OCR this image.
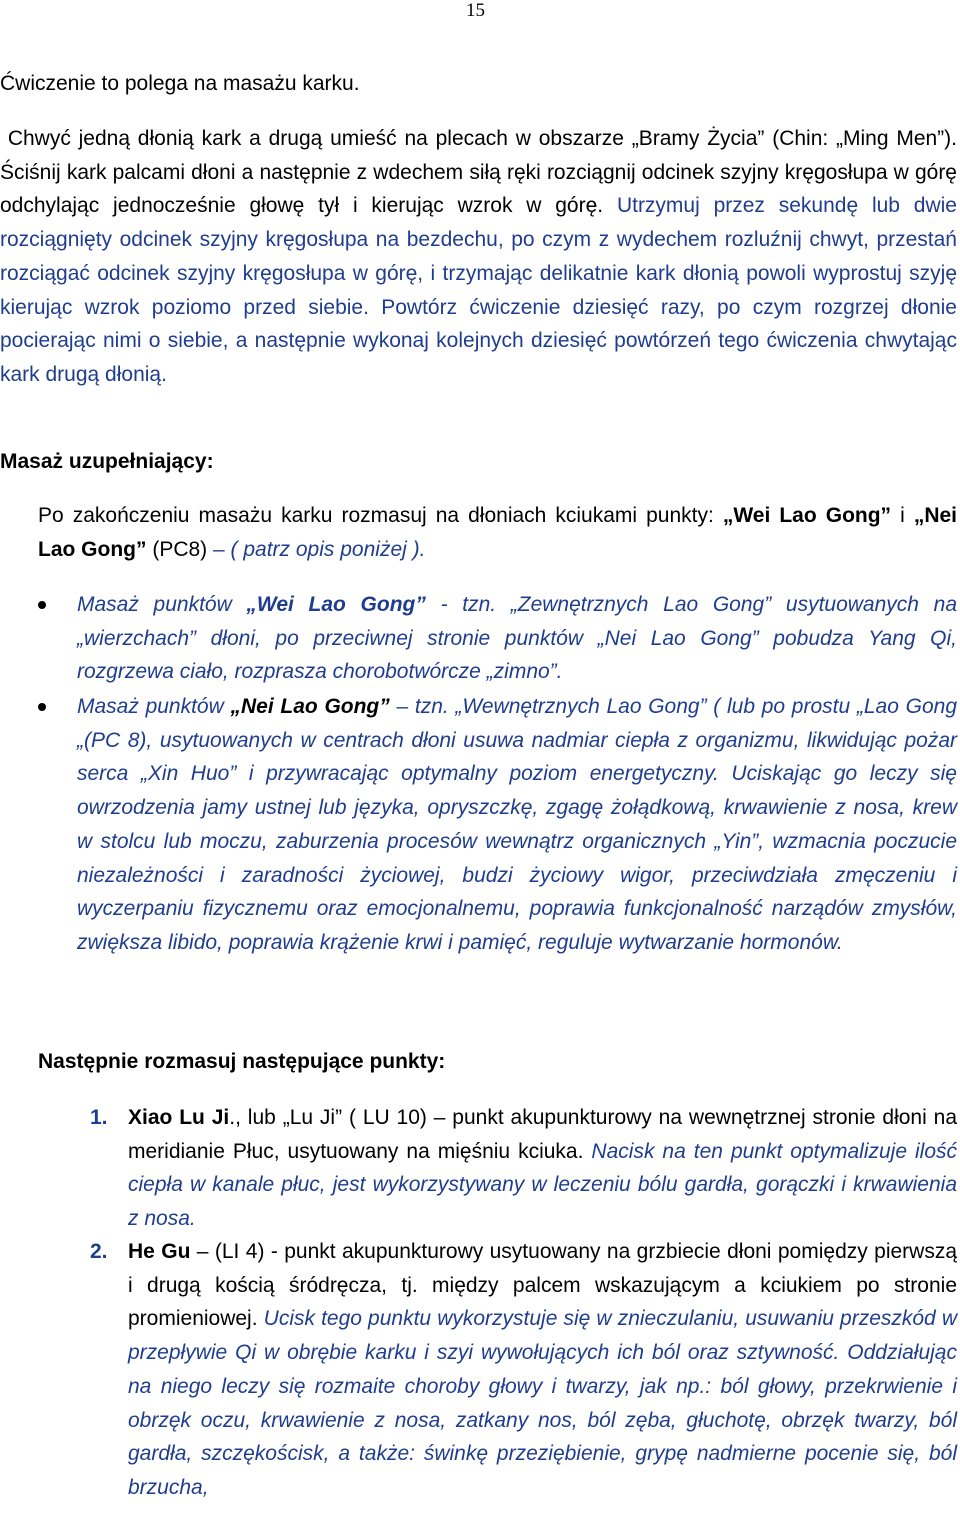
15

Ćwiczenie to polega na masażu karku.

Chwyć jedną dłonią kark a drugą umieść na plecach w obszarze „Bramy Życia” (Chin: „Ming Men”). Ściśnij kark palcami dłoni a następnie z wdechem siłą ręki rozciągnij odcinek szyjny kręgosłupa w górę odchylając jednocześnie głowę tył i kierując wzrok w górę. Utrzymuj przez sekundę lub dwie rozciągnięty odcinek szyjny kręgosłupa na bezdechu, po czym z wydechem rozluźnij chwyt, przestań rozciągać odcinek szyjny kręgosłupa w górę, i trzymając delikatnie kark dłonią powoli wyprostuj szyję kierując wzrok poziomo przed siebie. Powtórz ćwiczenie dziesięć razy, po czym rozgrzej dłonie pocierając nimi o siebie, a następnie wykonaj kolejnych dziesięć powtórzeń tego ćwiczenia chwytając kark drugą dłonią.

Masaż uzupełniający:

Po zakończeniu masażu karku rozmasuj na dłoniach kciukami punkty: „Wei Lao Gong” i „Nei Lao Gong” (PC8) – ( patrz opis poniżej ).

Masaż punktów „Wei Lao Gong” - tzn. „Zewnętrznych Lao Gong” usytuowanych na „wierzchach” dłoni, po przeciwnej stronie punktów „Nei Lao Gong” pobudza Yang Qi, rozgrzewa ciało, rozprasza chorobotwórcze „zimno”.
Masaż punktów „Nei Lao Gong” – tzn. „Wewnętrznych Lao Gong” ( lub po prostu „Lao Gong „(PC 8), usytuowanych w centrach dłoni usuwa nadmiar ciepła z organizmu, likwidując pożar serca „Xin Huo” i przywracając optymalny poziom energetyczny. Uciskając go leczy się owrzodzenia jamy ustnej lub języka, opryszczkę, zgagę żołądkową, krwawienie z nosa, krew w stolcu lub moczu, zaburzenia procesów wewnątrz organicznych „Yin”, wzmacnia poczucie niezależności i zaradności życiowej, budzi życiowy wigor, przeciwdziała zmęczeniu i wyczerpaniu fizycznemu oraz emocjonalnemu, poprawia funkcjonalność narządów zmysłów, zwiększa libido, poprawia krążenie krwi i pamięć, reguluje wytwarzanie hormonów.
Następnie rozmasuj następujące punkty:
1. Xiao Lu Ji., lub „Lu Ji” ( LU 10) – punkt akupunkturowy na wewnętrznej stronie dłoni na meridianie Płuc, usytuowany na mięśniu kciuka. Nacisk na ten punkt optymalizuje ilość ciepła w kanale płuc, jest wykorzystywany w leczeniu bólu gardła, gorączki i krwawienia z nosa.
2. He Gu – (LI 4) - punkt akupunkturowy usytuowany na grzbiecie dłoni pomiędzy pierwszą i drugą kością śródręcza, tj. między palcem wskazującym a kciukiem po stronie promieniowej. Ucisk tego punktu wykorzystuje się w znieczulaniu, usuwaniu przeszkód w przepływie Qi w obrębie karku i szyi wywołujących ich ból oraz sztywność. Oddziałując na niego leczy się rozmaite choroby głowy i twarzy, jak np.: ból głowy, przekrwienie i obrzęk oczu, krwawienie z nosa, zatkany nos, ból zęba, głuchotę, obrzęk twarzy, ból gardła, szczękościsk, a także: świnkę przeziębienie, grypę nadmierne pocenie się, ból brzucha,
